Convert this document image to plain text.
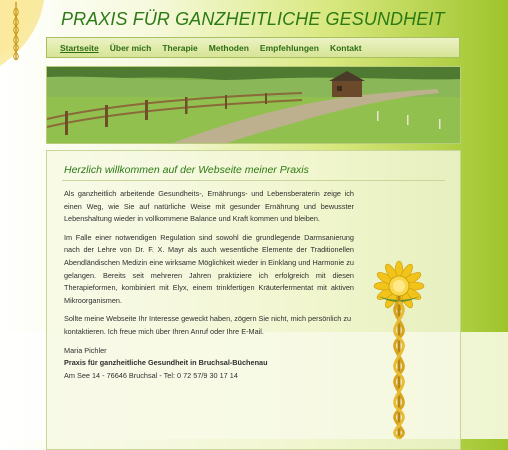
PRAXIS FÜR GANZHEITLICHE GESUNDHEIT
Startseite Über mich Therapie Methoden Empfehlungen Kontakt
Herzlich willkommen auf der Webseite meiner Praxis

Als ganzheitlich arbeitende Gesundheits-, Ernährungs- und Lebensberaterin zeige ich einen Weg, wie Sie auf natürliche Weise mit gesunder Ernährung und bewusster Lebenshaltung wieder in vollkommene Balance und Kraft kommen und bleiben.

Im Falle einer notwendigen Regulation sind sowohl die grundlegende Darmsanierung nach der Lehre von Dr. F. X. Mayr als auch wesentliche Elemente der Traditionellen Abendländischen Medizin eine wirksame Möglichkeit wieder in Einklang und Harmonie zu gelangen. Bereits seit mehreren Jahren praktiziere ich erfolgreich mit diesen Therapieformen, kombiniert mit Elyx, einem trinkfertigen Kräuterfermentat mit aktiven Mikroorganismen.

Sollte meine Webseite Ihr Interesse geweckt haben, zögern Sie nicht, mich persönlich zu kontaktieren. Ich freue mich über Ihren Anruf oder Ihre E-Mail.

Maria Pichler
Praxis für ganzheitliche Gesundheit in Bruchsal-Büchenau
Am See 14 - 76646 Bruchsal - Tel: 0 72 57/9 30 17 14
